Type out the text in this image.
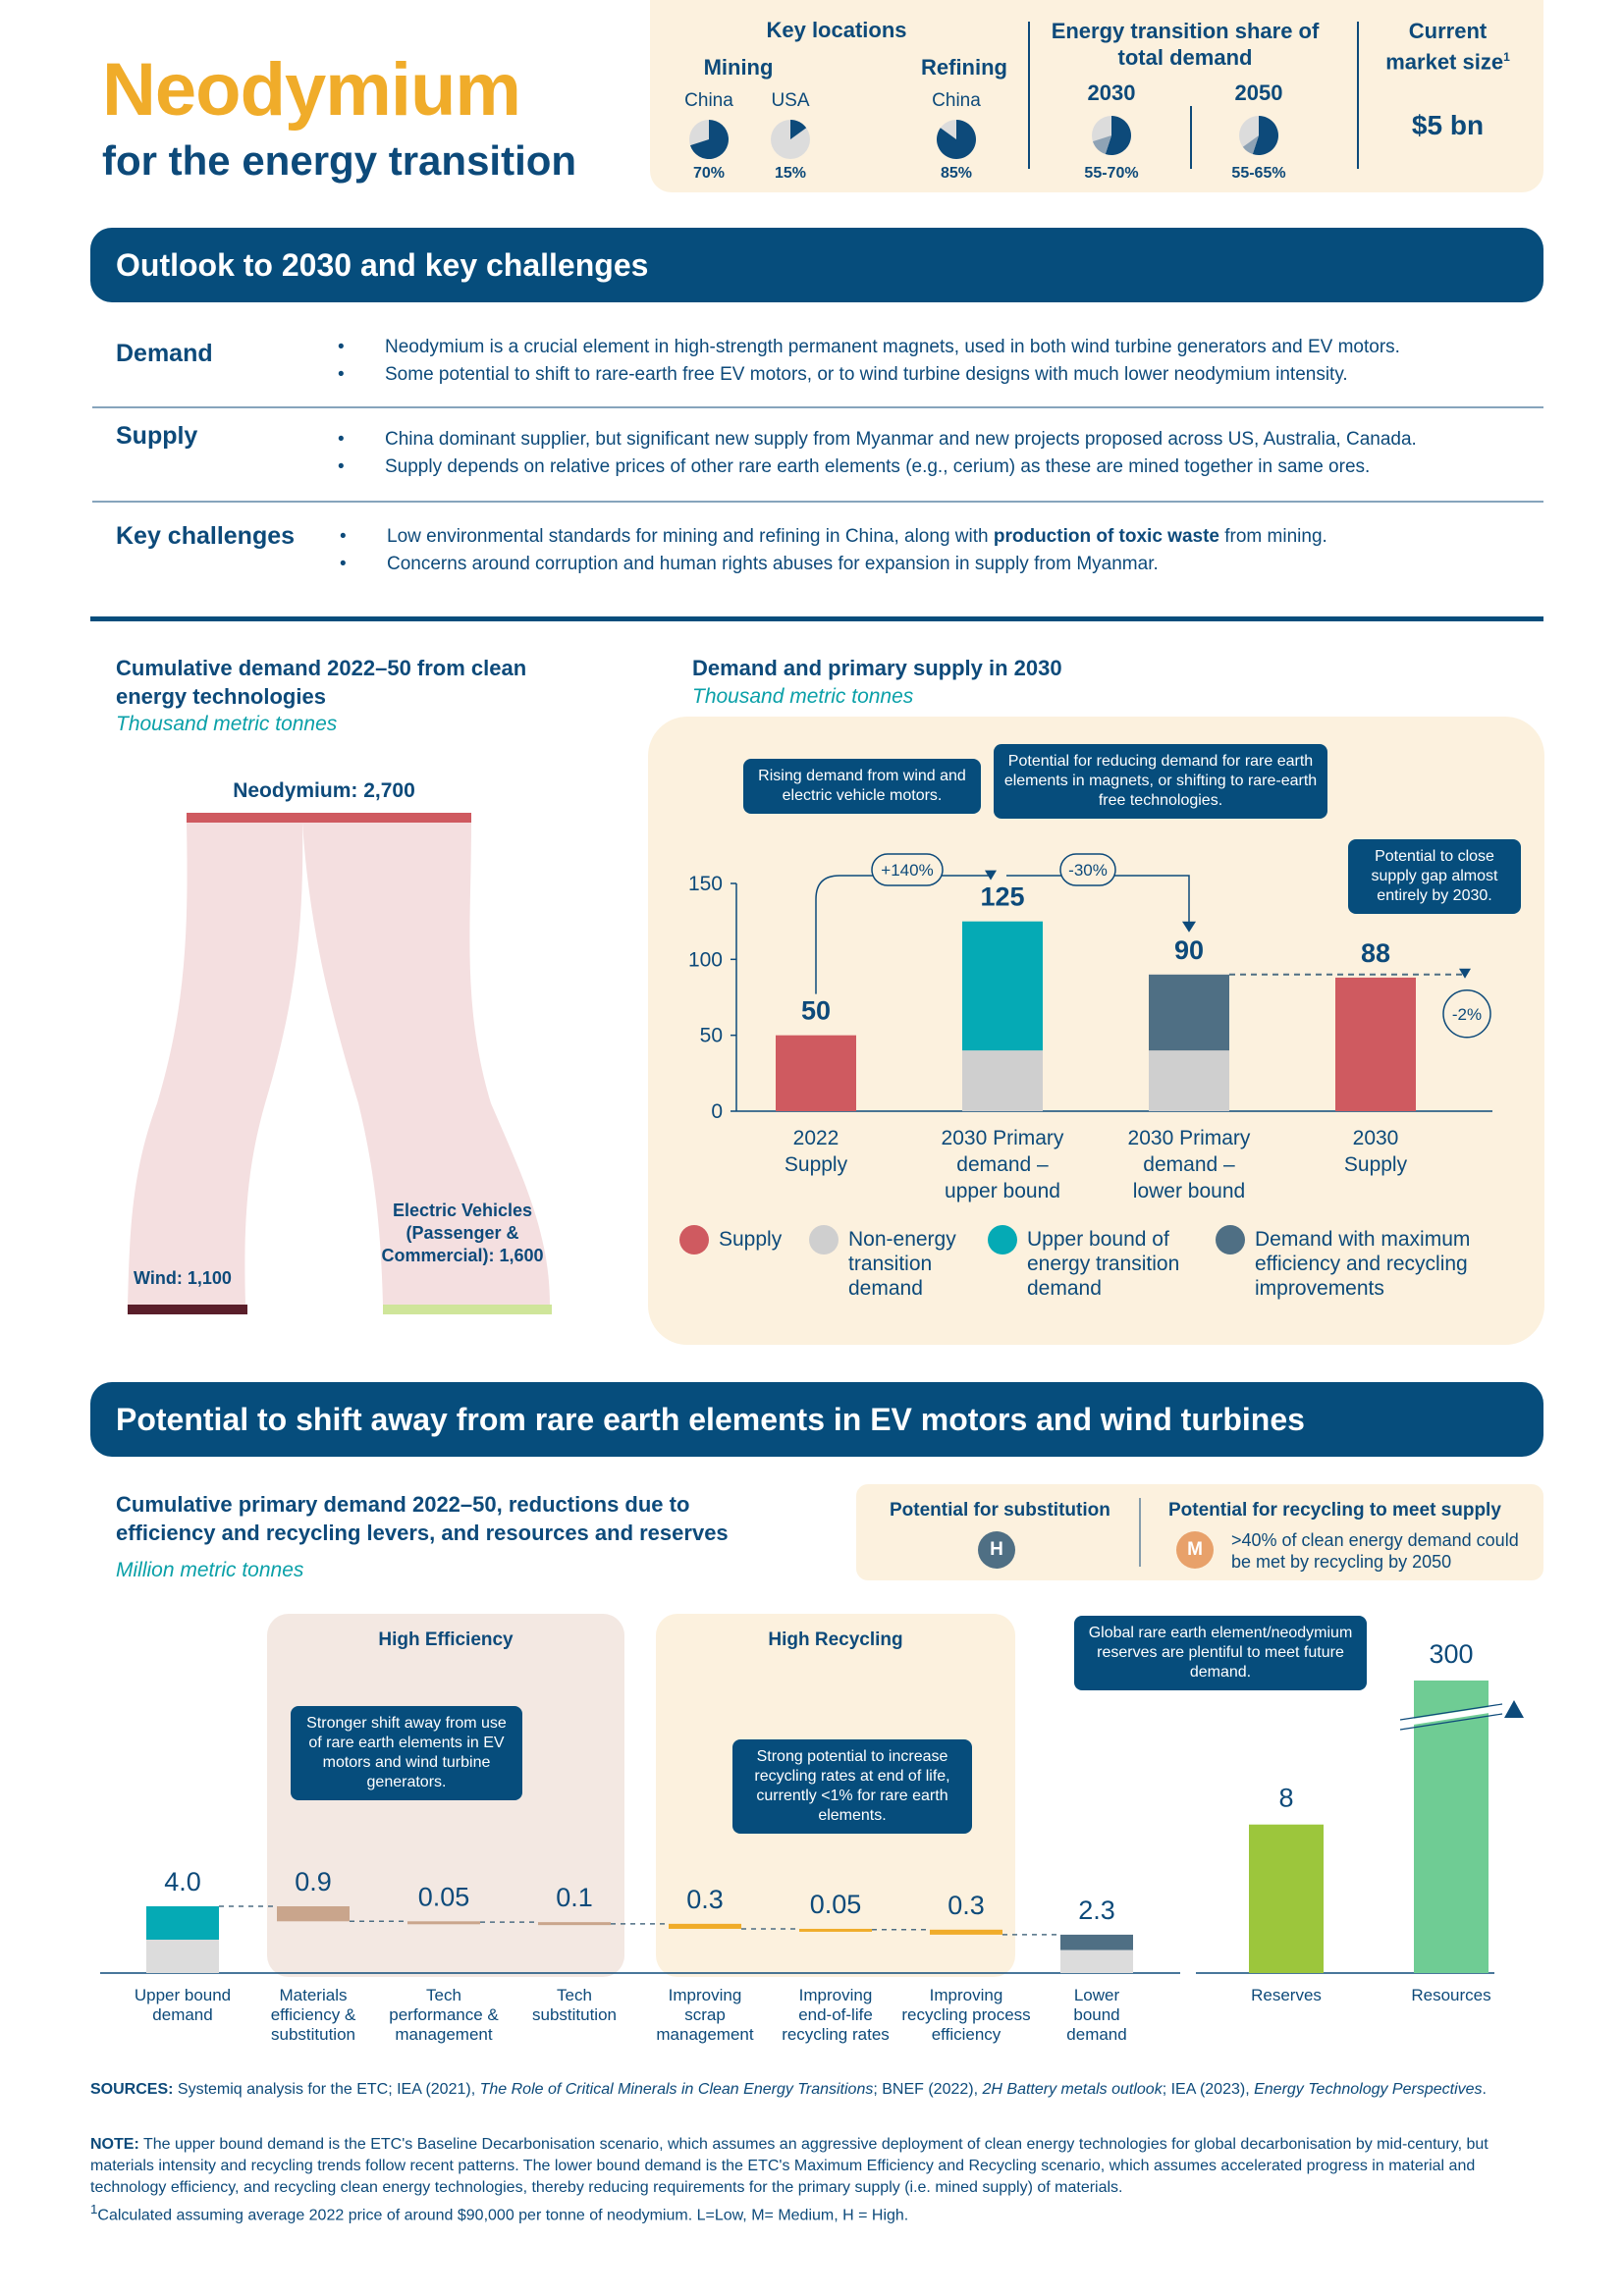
Neodymium
for the energy transition
Key locations
Mining	Refining
China	USA	China
70%	15%	85%
Energy transition share of total demand
2030	2050
55-70%	55-65%
Current market size$^1$
$5 bn
Outlook to 2030 and key challenges
Demand	• Neodymium is a crucial element in high-strength permanent magnets, used in both wind turbine generators and EV motors.
• Some potential to shift to rare-earth free EV motors, or to wind turbine designs with much lower neodymium intensity.
Supply	• China dominant supplier, but significant new supply from Myanmar and new projects proposed across US, Australia, Canada.
• Supply depends on relative prices of other rare earth elements (e.g., cerium) as these are mined together in same ores.
Key challenges • Low environmental standards for mining and refining in China, along with production of toxic waste from mining.
• Concerns around corruption and human rights abuses for expansion in supply from Myanmar.
Cumulative demand 2022–50 from clean energy technologies
Thousand metric tonnes
Neodymium: 2,700
Wind: 1,100
Electric Vehicles (Passenger & Commercial): 1,600
Demand and primary supply in 2030
Thousand metric tonnes
0
50
100
150
50
2022
Supply
125
2030 Primary
demand –
upper bound
90
2030 Primary
demand –
lower bound
88
2030
Supply
+140%	-30%
-2%
Rising demand from wind and electric vehicle motors.
Potential for reducing demand for rare earth elements in magnets, or shifting to rare-earth free technologies.
Potential to close supply gap almost entirely by 2030.
Supply	Non-energy transition demand
Upper bound of energy transition demand
Demand with maximum efficiency and recycling improvements
Potential to shift away from rare earth elements in EV motors and wind turbines
Cumulative primary demand 2022–50, reductions due to efficiency and recycling levers, and resources and reserves
Million metric tonnes
Potential for substitution
H
Potential for recycling to meet supply
M	>40% of clean energy demand could be met by recycling by 2050
High Efficiency	High Recycling
4.0
Upper bound
demand
0.9
Materials
efficiency &
substitution
0.05
Tech
performance &
management
0.1
Tech
substitution
0.3
Improving
scrap
management
0.05
Improving
end-of-life
recycling rates
0.3
Improving
recycling process
efficiency
2.3
Lower
bound
demand
8
Reserves
300
Resources
Stronger shift away from use of rare earth elements in EV motors and wind turbine generators.
Strong potential to increase recycling rates at end of life, currently <1% for rare earth elements.
Global rare earth element/neodymium reserves are plentiful to meet future demand.
SOURCES: Systemiq analysis for the ETC; IEA (2021), The Role of Critical Minerals in Clean Energy Transitions; BNEF (2022), 2H Battery metals outlook; IEA (2023), Energy Technology Perspectives.
NOTE: The upper bound demand is the ETC's Baseline Decarbonisation scenario, which assumes an aggressive deployment of clean energy technologies for global decarbonisation by mid-century, but materials intensity and recycling trends follow recent patterns. The lower bound demand is the ETC's Maximum Efficiency and Recycling scenario, which assumes accelerated progress in material and technology efficiency, and recycling clean energy technologies, thereby reducing requirements for the primary supply (i.e. mined supply) of materials.
$^1$Calculated assuming average 2022 price of around $90,000 per tonne of neodymium. L=Low, M= Medium, H = High.
